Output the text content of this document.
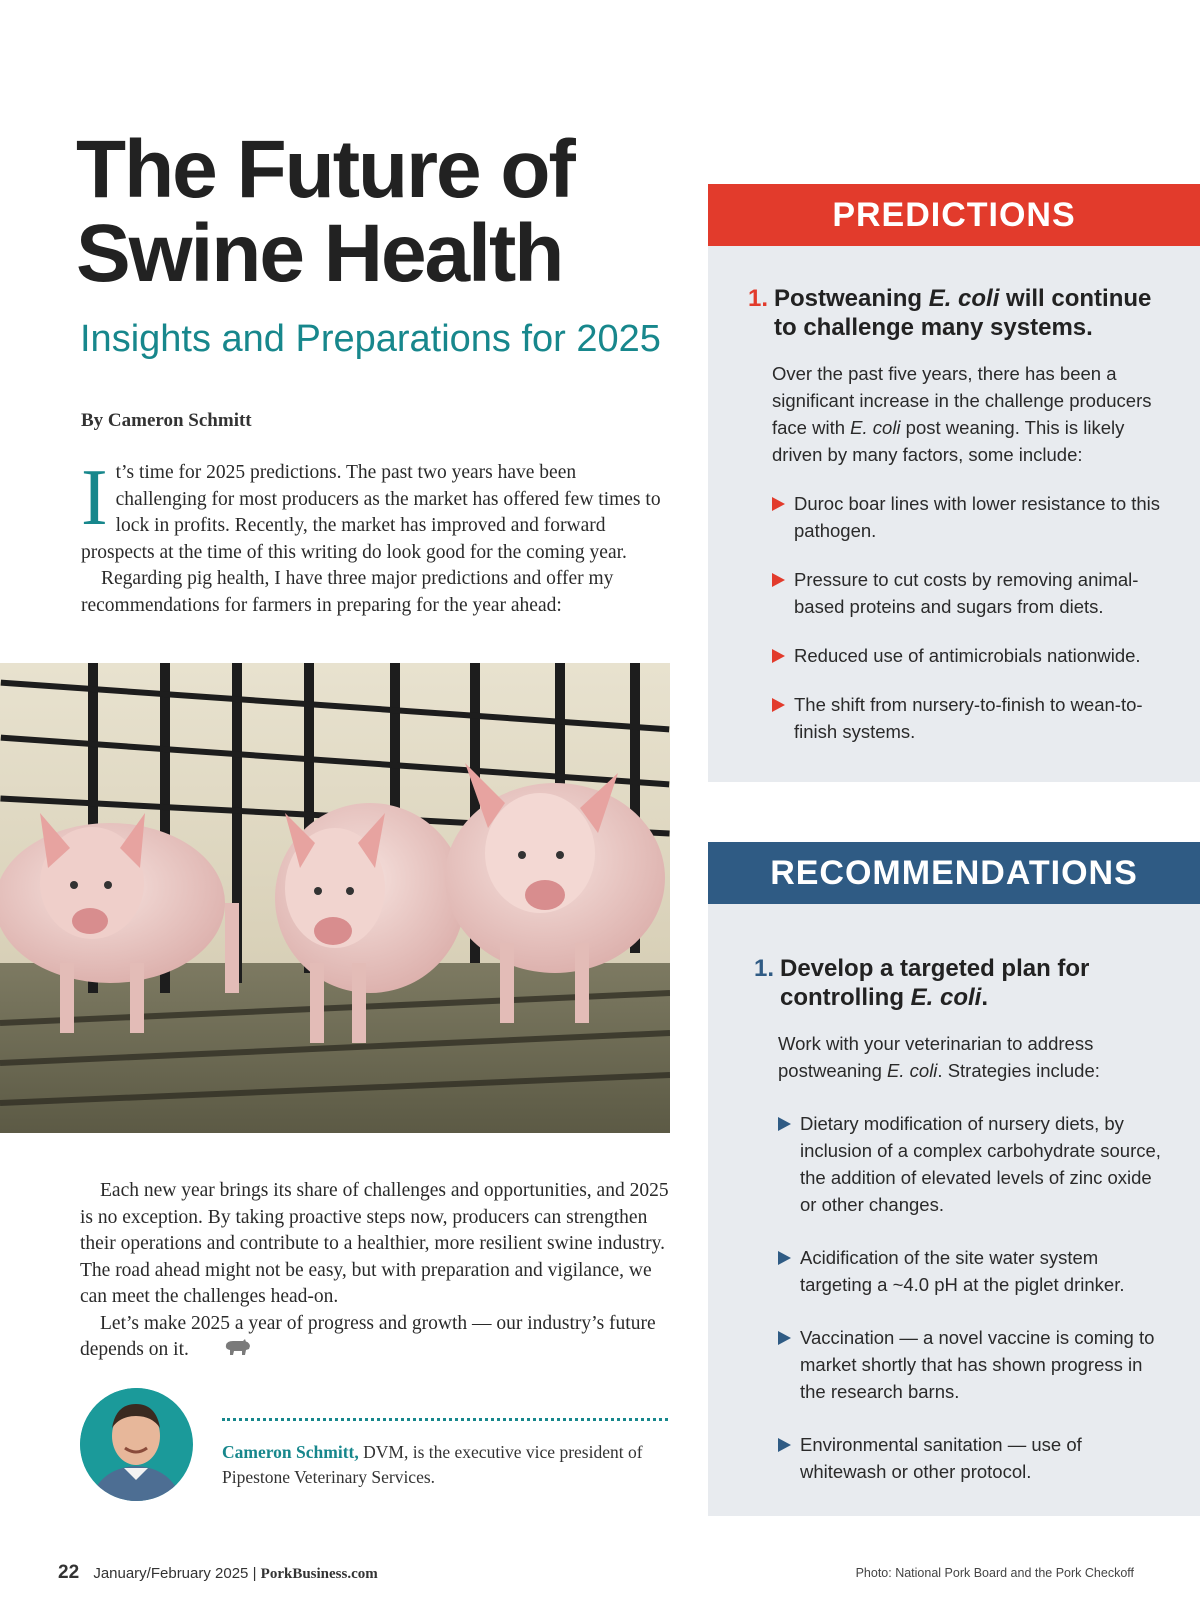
The Future of
Swine Health
Insights and Preparations for 2025
By Cameron Schmitt

It’s time for 2025 predictions. The past two years have been challenging for most producers as the market has offered few times to lock in profits. Recently, the market has improved and forward prospects at the time of this writing do look good for the coming year.

Regarding pig health, I have three major predictions and offer my recommendations for farmers in preparing for the year ahead:

Each new year brings its share of challenges and opportunities, and 2025 is no exception. By taking proactive steps now, producers can strengthen their operations and contribute to a healthier, more resilient swine industry. The road ahead might not be easy, but with preparation and vigilance, we can meet the challenges head-on.

Let’s make 2025 a year of progress and growth — our industry’s future depends on it.

Cameron Schmitt, DVM, is the executive vice president of Pipestone Veterinary Services.
PREDICTIONS
1. Postweaning E. coli will continue to challenge many systems.
Over the past five years, there has been a significant increase in the challenge producers face with E. coli post weaning. This is likely driven by many factors, some include:
Duroc boar lines with lower resistance to this pathogen.
Pressure to cut costs by removing animal-based proteins and sugars from diets.
Reduced use of antimicrobials nationwide.
The shift from nursery-to-finish to wean-to-finish systems.
RECOMMENDATIONS
1. Develop a targeted plan for controlling E. coli.
Work with your veterinarian to address postweaning E. coli. Strategies include:
Dietary modification of nursery diets, by inclusion of a complex carbohydrate source, the addition of elevated levels of zinc oxide or other changes.
Acidification of the site water system targeting a ~4.0 pH at the piglet drinker.
Vaccination — a novel vaccine is coming to market shortly that has shown progress in the research barns.
Environmental sanitation — use of whitewash or other protocol.
22 January/February 2025 | PorkBusiness.com	Photo: National Pork Board and the Pork Checkoff
